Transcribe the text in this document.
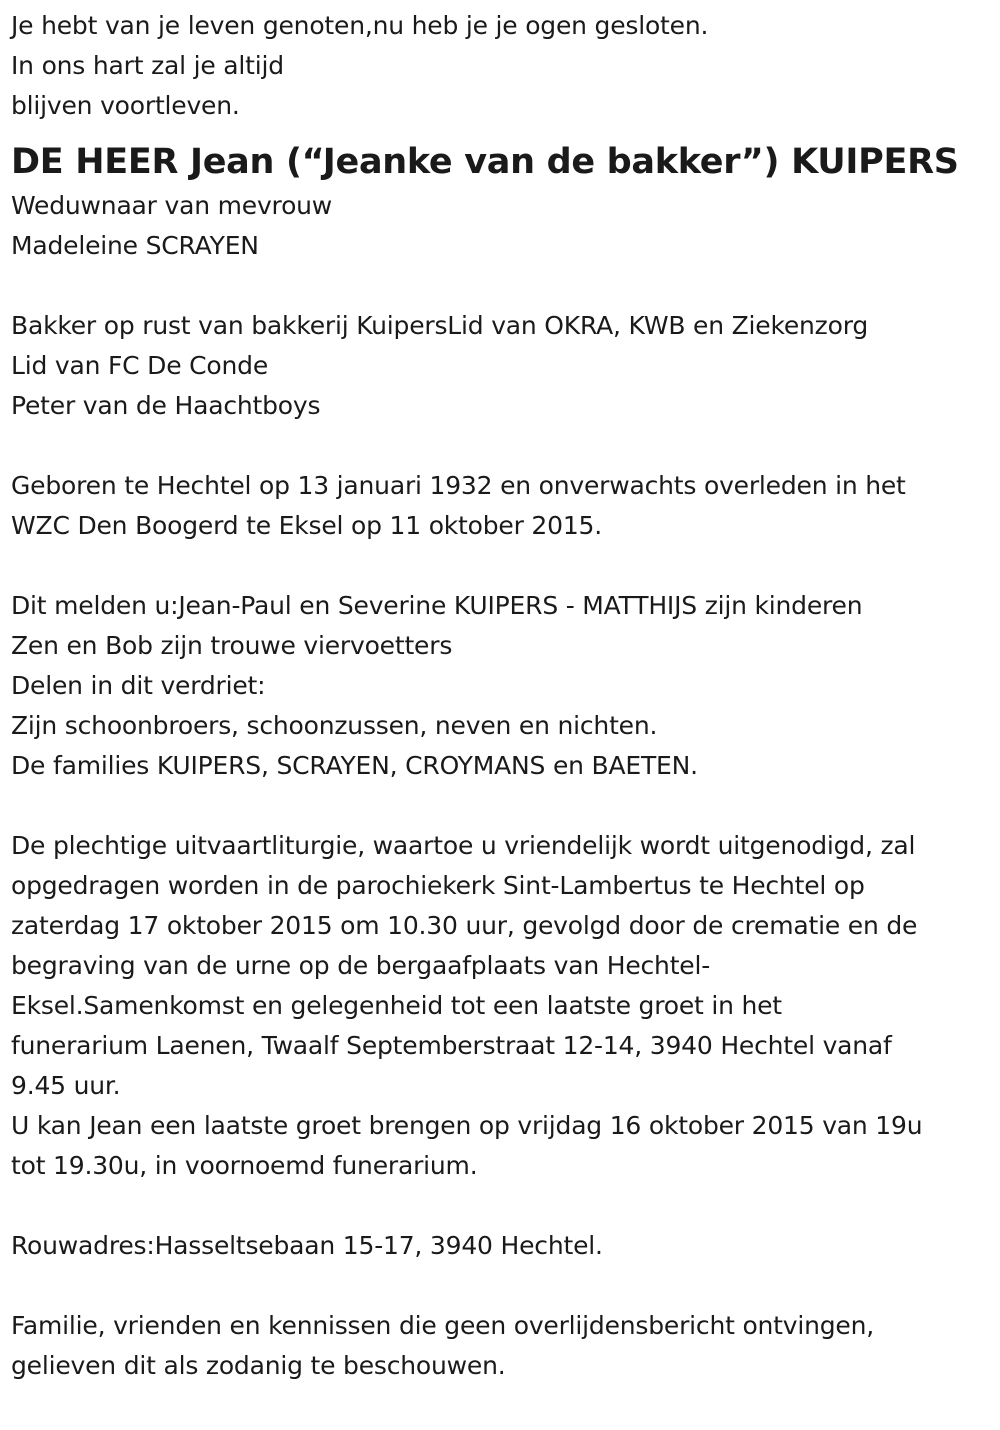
Je hebt van je leven genoten,nu heb je je ogen gesloten.
In ons hart zal je altijd
blijven voortleven.
DE HEER Jean (“Jeanke van de bakker”) KUIPERS
Weduwnaar van mevrouw
Madeleine SCRAYEN
Bakker op rust van bakkerij KuipersLid van OKRA, KWB en Ziekenzorg
Lid van FC De Conde
Peter van de Haachtboys
Geboren te Hechtel op 13 januari 1932 en onverwachts overleden in het
WZC Den Boogerd te Eksel op 11 oktober 2015.
Dit melden u:Jean-Paul en Severine KUIPERS - MATTHIJS zijn kinderen
Zen en Bob zijn trouwe viervoetters
Delen in dit verdriet:
Zijn schoonbroers, schoonzussen, neven en nichten.
De families KUIPERS, SCRAYEN, CROYMANS en BAETEN.
De plechtige uitvaartliturgie, waartoe u vriendelijk wordt uitgenodigd, zal
opgedragen worden in de parochiekerk Sint-Lambertus te Hechtel op
zaterdag 17 oktober 2015 om 10.30 uur, gevolgd door de crematie en de
begraving van de urne op de bergaafplaats van Hechtel-
Eksel.Samenkomst en gelegenheid tot een laatste groet in het
funerarium Laenen, Twaalf Septemberstraat 12-14, 3940 Hechtel vanaf
9.45 uur.
U kan Jean een laatste groet brengen op vrijdag 16 oktober 2015 van 19u
tot 19.30u, in voornoemd funerarium.
Rouwadres:Hasseltsebaan 15-17, 3940 Hechtel.
Familie, vrienden en kennissen die geen overlijdensbericht ontvingen,
gelieven dit als zodanig te beschouwen.
